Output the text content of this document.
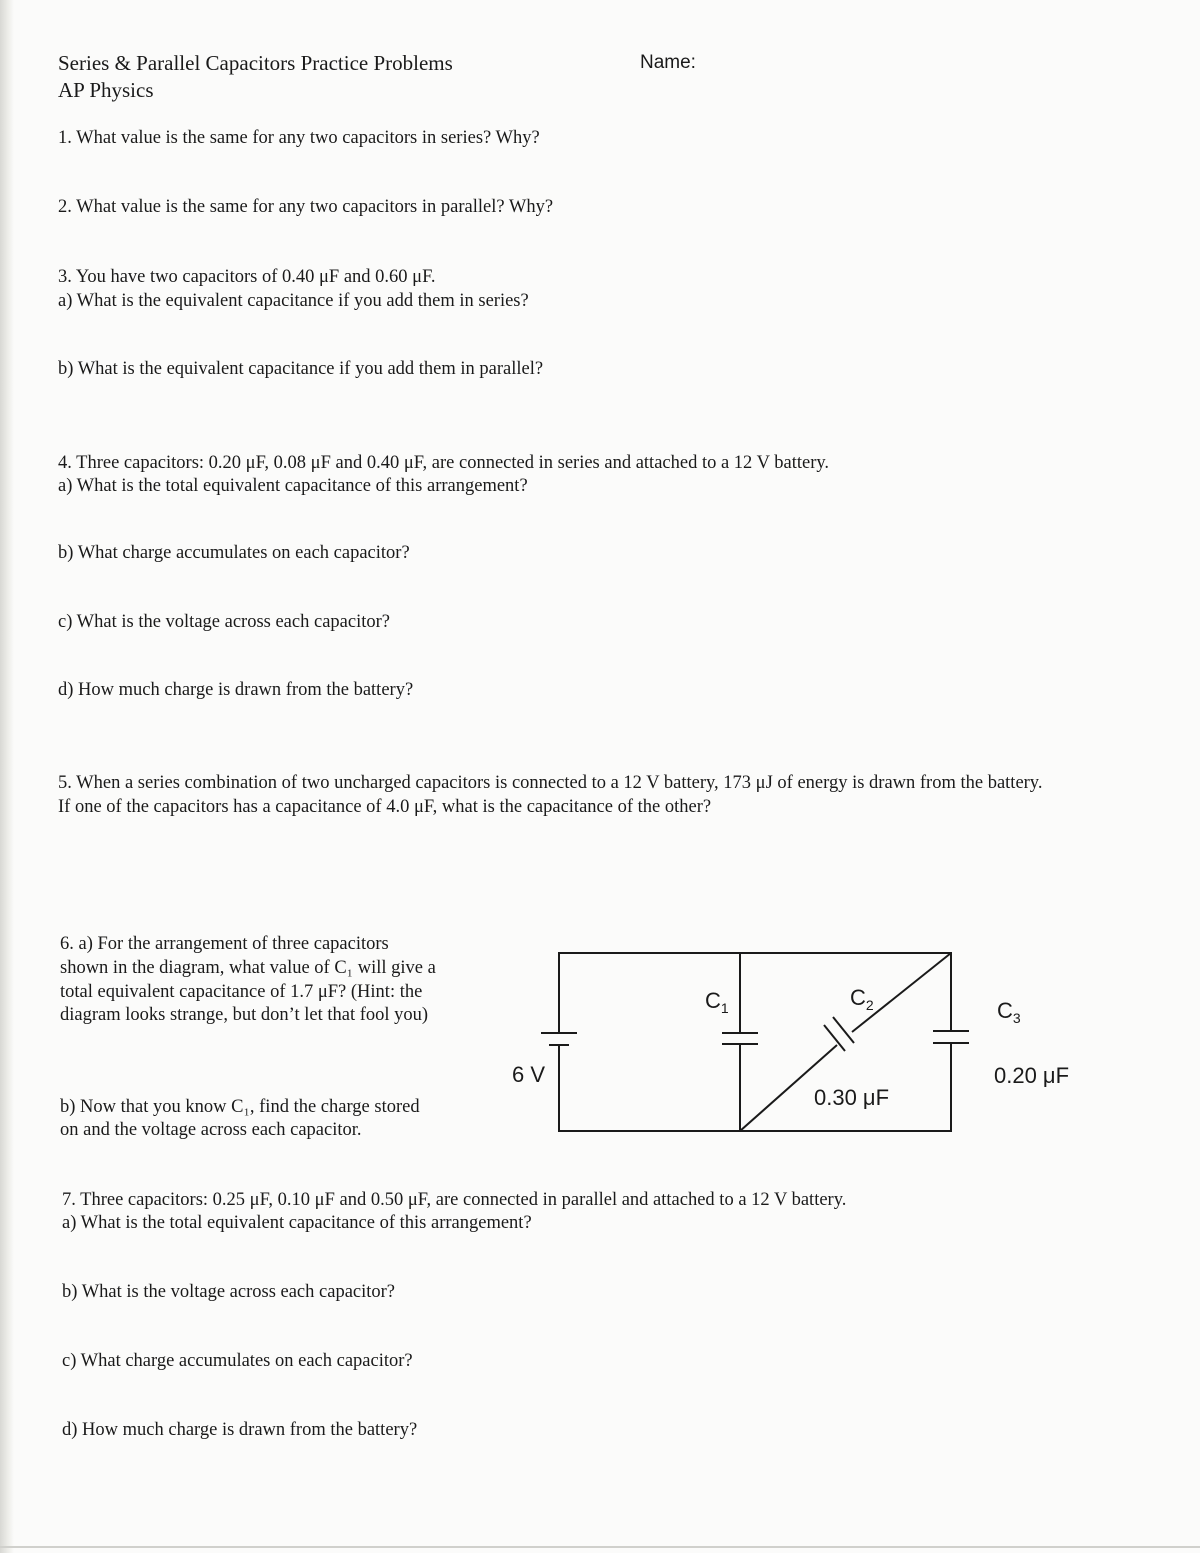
Series & Parallel Capacitors Practice Problems
AP Physics
Name:
1. What value is the same for any two capacitors in series? Why?
2. What value is the same for any two capacitors in parallel? Why?
3. You have two capacitors of 0.40 μF and 0.60 μF.
a) What is the equivalent capacitance if you add them in series?
b) What is the equivalent capacitance if you add them in parallel?
4. Three capacitors: 0.20 μF, 0.08 μF and 0.40 μF, are connected in series and attached to a 12 V battery.
a) What is the total equivalent capacitance of this arrangement?
b) What charge accumulates on each capacitor?
c) What is the voltage across each capacitor?
d) How much charge is drawn from the battery?
5. When a series combination of two uncharged capacitors is connected to a 12 V battery, 173 μJ of energy is drawn from the battery.
If one of the capacitors has a capacitance of 4.0 μF, what is the capacitance of the other?
6. a) For the arrangement of three capacitors
shown in the diagram, what value of C₁ will give a
total equivalent capacitance of 1.7 μF? (Hint: the
diagram looks strange, but don’t let that fool you)
b) Now that you know C₁, find the charge stored
on and the voltage across each capacitor.
$C_1$	$C_2$	$C_3$
6 V
0.30 μF
0.20 μF
7. Three capacitors: 0.25 μF, 0.10 μF and 0.50 μF, are connected in parallel and attached to a 12 V battery.
a) What is the total equivalent capacitance of this arrangement?
b) What is the voltage across each capacitor?
c) What charge accumulates on each capacitor?
d) How much charge is drawn from the battery?
